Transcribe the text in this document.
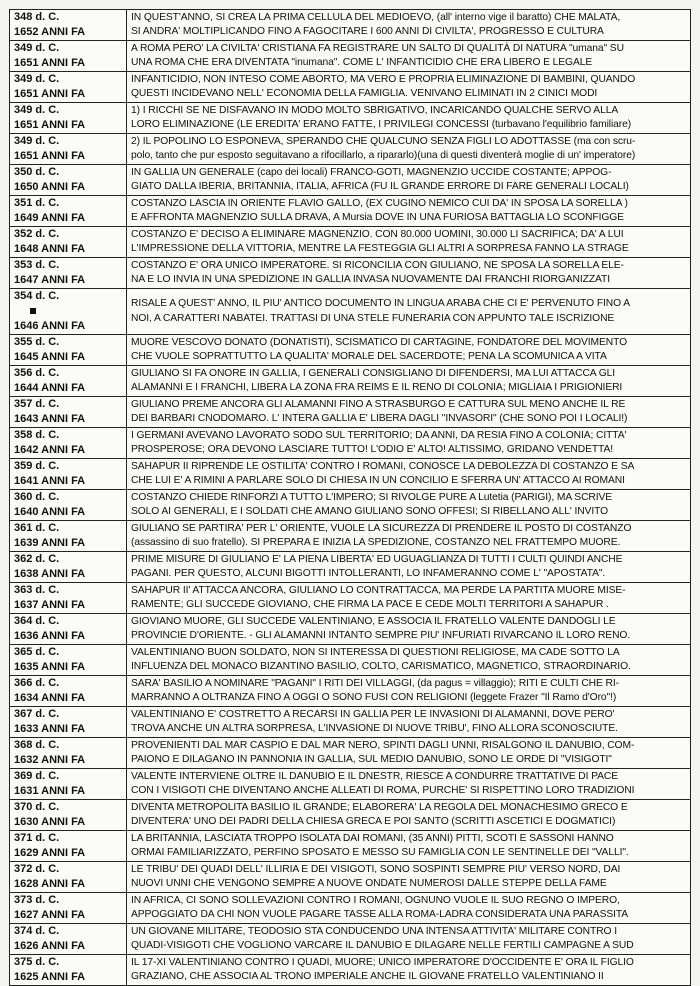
348 d. C.
1652 ANNI FA	IN QUEST'ANNO, SI CREA LA PRIMA CELLULA DEL MEDIOEVO, (all' interno vige il baratto) CHE MALATA,
SI ANDRA' MOLTIPLICANDO FINO A FAGOCITARE I 600 ANNI DI CIVILTA', PROGRESSO E CULTURA

349 d. C.
1651 ANNI FA	A ROMA PERO' LA CIVILTA' CRISTIANA FA REGISTRARE UN SALTO DI QUALITÀ DI NATURA "umana" SU
UNA ROMA CHE ERA DIVENTATA "inumana". COME L' INFANTICIDIO CHE ERA LIBERO E LEGALE

349 d. C.
1651 ANNI FA	INFANTICIDIO, NON INTESO COME ABORTO, MA VERO E PROPRIA ELIMINAZIONE DI BAMBINI, QUANDO
QUESTI INCIDEVANO NELL' ECONOMIA DELLA FAMIGLIA. VENIVANO ELIMINATI IN 2 CINICI MODI

349 d. C.
1651 ANNI FA	1) I RICCHI SE NE DISFAVANO IN MODO MOLTO SBRIGATIVO, INCARICANDO QUALCHE SERVO ALLA
LORO ELIMINAZIONE (LE EREDITA' ERANO FATTE, I PRIVILEGI CONCESSI (turbavano l'equilibrio familiare)

349 d. C.
1651 ANNI FA	2) IL POPOLINO LO ESPONEVA, SPERANDO CHE QUALCUNO SENZA FIGLI LO ADOTTASSE (ma con scru-
polo, tanto che pur esposto seguitavano a rifocillarlo, a ripararlo)(una di questi diventerà moglie di un' imperatore)

350 d. C.
1650 ANNI FA	IN GALLIA UN GENERALE (capo dei locali) FRANCO-GOTI, MAGNENZIO UCCIDE COSTANTE; APPOG-
GIATO DALLA IBERIA, BRITANNIA, ITALIA, AFRICA (FU IL GRANDE ERRORE DI FARE GENERALI LOCALI)

351 d. C.
1649 ANNI FA	COSTANZO LASCIA IN ORIENTE FLAVIO GALLO, (EX CUGINO NEMICO CUI DA' IN SPOSA LA SORELLA )
E AFFRONTA MAGNENZIO SULLA DRAVA, A Mursia DOVE IN UNA FURIOSA BATTAGLIA LO SCONFIGGE

352 d. C.
1648 ANNI FA	COSTANZO E' DECISO A ELIMINARE MAGNENZIO. CON 80.000 UOMINI, 30.000 LI SACRIFICA; DA' A LUI
L'IMPRESSIONE DELLA VITTORIA, MENTRE LA FESTEGGIA GLI ALTRI A SORPRESA FANNO LA STRAGE

353 d. C.
1647 ANNI FA	COSTANZO E' ORA UNICO IMPERATORE. SI RICONCILIA CON GIULIANO, NE SPOSA LA SORELLA ELE-
NA E LO INVIA IN UNA SPEDIZIONE IN GALLIA INVASA NUOVAMENTE DAI FRANCHI RIORGANIZZATI

354 d. C.
1646 ANNI FA	RISALE A QUEST' ANNO, IL PIU' ANTICO DOCUMENTO IN LINGUA ARABA CHE CI E' PERVENUTO FINO A
NOI, A CARATTERI NABATEI. TRATTASI DI UNA STELE FUNERARIA CON APPUNTO TALE ISCRIZIONE

355 d. C.
1645 ANNI FA	MUORE VESCOVO DONATO (DONATISTI), SCISMATICO DI CARTAGINE, FONDATORE DEL MOVIMENTO
CHE VUOLE SOPRATTUTTO LA QUALITA' MORALE DEL SACERDOTE; PENA LA SCOMUNICA A VITA

356 d. C.
1644 ANNI FA	GIULIANO SI FA ONORE IN GALLIA, I GENERALI CONSIGLIANO DI DIFENDERSI, MA LUI ATTACCA GLI
ALAMANNI E I FRANCHI, LIBERA LA ZONA FRA REIMS E IL RENO DI COLONIA; MIGLIAIA I PRIGIONIERI

357 d. C.
1643 ANNI FA	GIULIANO PREME ANCORA GLI ALAMANNI FINO A STRASBURGO E CATTURA SUL MENO ANCHE IL RE
DEI BARBARI CNODOMARO. L' INTERA GALLIA E' LIBERA DAGLI "INVASORI" (CHE SONO POI I LOCALI!)

358 d. C.
1642 ANNI FA	I GERMANI AVEVANO LAVORATO SODO SUL TERRITORIO; DA ANNI, DA RESIA FINO A COLONIA; CITTA'
PROSPEROSE; ORA DEVONO LASCIARE TUTTO! L'ODIO E' ALTO! ALTISSIMO, GRIDANO VENDETTA!

359 d. C.
1641 ANNI FA	SAHAPUR II RIPRENDE LE OSTILITA' CONTRO I ROMANI, CONOSCE LA DEBOLEZZA DI COSTANZO E SA
CHE LUI E' A RIMINI A PARLARE SOLO DI CHIESA IN UN CONCILIO E SFERRA UN' ATTACCO AI ROMANI

360 d. C.
1640 ANNI FA	COSTANZO CHIEDE RINFORZI A TUTTO L'IMPERO; SI RIVOLGE PURE A Lutetia (PARIGI), MA SCRIVE
SOLO AI GENERALI, E I SOLDATI CHE AMANO GIULIANO SONO OFFESI; SI RIBELLANO ALL' INVITO

361 d. C.
1639 ANNI FA	GIULIANO SE PARTIRA' PER L' ORIENTE, VUOLE LA SICUREZZA DI PRENDERE IL POSTO DI COSTANZO
(assassino di suo fratello). SI PREPARA E INIZIA LA SPEDIZIONE, COSTANZO NEL FRATTEMPO MUORE.

362 d. C.
1638 ANNI FA	PRIME MISURE DI GIULIANO E' LA PIENA LIBERTA' ED UGUAGLIANZA DI TUTTI I CULTI QUINDI ANCHE
PAGANI. PER QUESTO, ALCUNI BIGOTTI INTOLLERANTI, LO INFAMERANNO COME L' "APOSTATA".

363 d. C.
1637 ANNI FA	SAHAPUR II' ATTACCA ANCORA, GIULIANO LO CONTRATTACCA, MA PERDE LA PARTITA MUORE MISE-
RAMENTE; GLI SUCCEDE GIOVIANO, CHE FIRMA LA PACE E CEDE MOLTI TERRITORI A SAHAPUR .

364 d. C.
1636 ANNI FA	GIOVIANO MUORE, GLI SUCCEDE VALENTINIANO, E ASSOCIA IL FRATELLO VALENTE DANDOGLI LE
PROVINCIE D'ORIENTE. - GLI ALAMANNI INTANTO SEMPRE PIU' INFURIATI RIVARCANO IL LORO RENO.

365 d. C.
1635 ANNI FA	VALENTINIANO BUON SOLDATO, NON SI INTERESSA DI QUESTIONI RELIGIOSE, MA CADE SOTTO LA
INFLUENZA DEL MONACO BIZANTINO BASILIO, COLTO, CARISMATICO, MAGNETICO, STRAORDINARIO.

366 d. C.
1634 ANNI FA	SARA' BASILIO A NOMINARE "PAGANI" I RITI DEI VILLAGGI, (da pagus = villaggio); RITI E CULTI CHE RI-
MARRANNO A OLTRANZA FINO A OGGI O SONO FUSI CON RELIGIONI (leggete Frazer "Il Ramo d'Oro"!)

367 d. C.
1633 ANNI FA	VALENTINIANO E' COSTRETTO A RECARSI IN GALLIA PER LE INVASIONI DI ALAMANNI, DOVE PERO'
TROVA ANCHE UN ALTRA SORPRESA, L'INVASIONE DI NUOVE TRIBU', FINO ALLORA SCONOSCIUTE.

368 d. C.
1632 ANNI FA	PROVENIENTI DAL MAR CASPIO E DAL MAR NERO, SPINTI DAGLI UNNI, RISALGONO IL DANUBIO, COM-
PAIONO E DILAGANO IN PANNONIA IN GALLIA, SUL MEDIO DANUBIO, SONO LE ORDE DI "VISIGOTI"

369 d. C.
1631 ANNI FA	VALENTE INTERVIENE OLTRE IL DANUBIO E IL DNESTR, RIESCE A CONDURRE TRATTATIVE DI PACE
CON I VISIGOTI CHE DIVENTANO ANCHE ALLEATI DI ROMA, PURCHE' SI RISPETTINO LORO TRADIZIONI

370 d. C.
1630 ANNI FA	DIVENTA METROPOLITA BASILIO IL GRANDE; ELABORERA' LA REGOLA DEL MONACHESIMO GRECO E
DIVENTERA' UNO DEI PADRI DELLA CHIESA GRECA E POI SANTO (SCRITTI ASCETICI E DOGMATICI)

371 d. C.
1629 ANNI FA	LA BRITANNIA, LASCIATA TROPPO ISOLATA DAI ROMANI, (35 ANNI) PITTI, SCOTI E SASSONI HANNO
ORMAI FAMILIARIZZATO, PERFINO SPOSATO E MESSO SU FAMIGLIA CON LE SENTINELLE DEI "VALLI".

372 d. C.
1628 ANNI FA	LE TRIBU' DEI QUADI DELL' ILLIRIA E DEI VISIGOTI, SONO SOSPINTI SEMPRE PIU' VERSO NORD, DAI
NUOVI UNNI CHE VENGONO SEMPRE A NUOVE ONDATE NUMEROSI DALLE STEPPE DELLA FAME

373 d. C.
1627 ANNI FA	IN AFRICA, CI SONO SOLLEVAZIONI CONTRO I ROMANI, OGNUNO VUOLE IL SUO REGNO O IMPERO,
APPOGGIATO DA CHI NON VUOLE PAGARE TASSE ALLA ROMA-LADRA CONSIDERATA UNA PARASSITA

374 d. C.
1626 ANNI FA	UN GIOVANE MILITARE, TEODOSIO STA CONDUCENDO UNA INTENSA ATTIVITA' MILITARE CONTRO I
QUADI-VISIGOTI CHE VOGLIONO VARCARE IL DANUBIO E DILAGARE NELLE FERTILI CAMPAGNE A SUD

375 d. C.
1625 ANNI FA	IL 17-XI VALENTINIANO CONTRO I QUADI, MUORE; UNICO IMPERATORE D'OCCIDENTE E' ORA IL FIGLIO
GRAZIANO, CHE ASSOCIA AL TRONO IMPERIALE ANCHE IL GIOVANE FRATELLO VALENTINIANO II
